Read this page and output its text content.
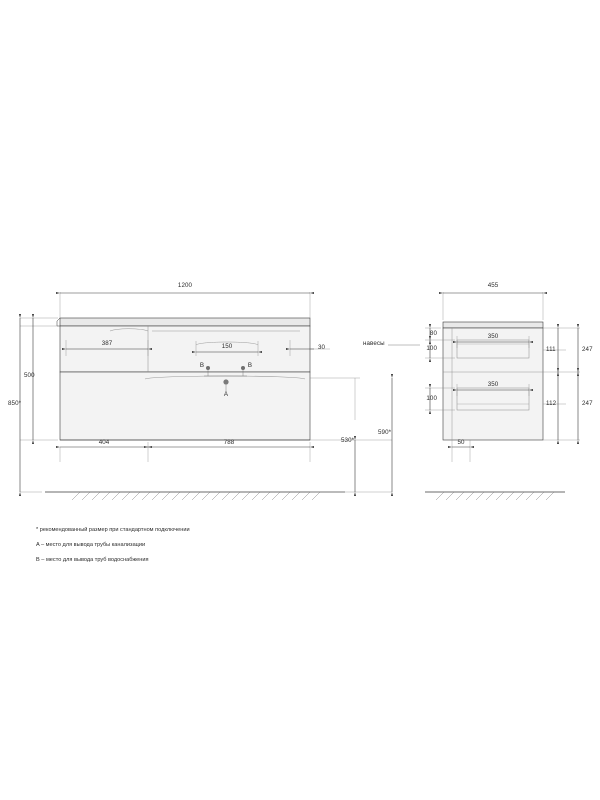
1200
387	150	30
500
850*
404	788
590*
530*
B	B
A
навесы
455
80
100
100
350
350
111
112
247
247
50
* рекомендованный размер при стандартном подключении
A – место для вывода трубы канализации
B – место для вывода труб водоснабжения
